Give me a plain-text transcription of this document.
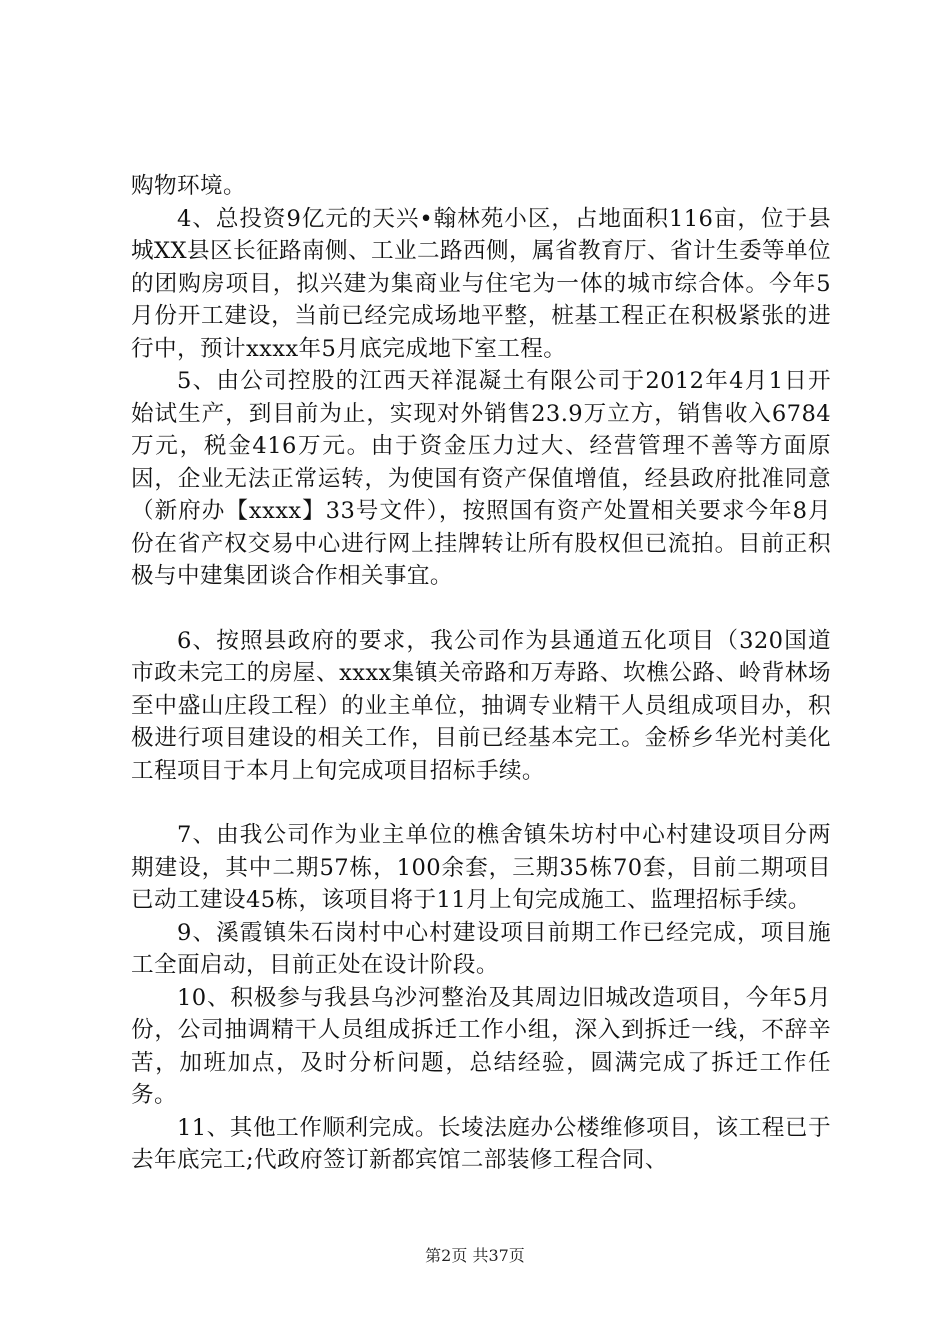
购物环境。

4、总投资9亿元的天兴•翰林苑小区，占地面积116亩，位于县城XX县区长征路南侧、工业二路西侧，属省教育厅、省计生委等单位的团购房项目，拟兴建为集商业与住宅为一体的城市综合体。今年5月份开工建设，当前已经完成场地平整，桩基工程正在积极紧张的进行中，预计xxxx年5月底完成地下室工程。

5、由公司控股的江西天祥混凝土有限公司于2012年4月1日开始试生产，到目前为止，实现对外销售23.9万立方，销售收入6784万元，税金416万元。由于资金压力过大、经营管理不善等方面原因，企业无法正常运转，为使国有资产保值增值，经县政府批准同意（新府办【xxxx】33号文件），按照国有资产处置相关要求今年8月份在省产权交易中心进行网上挂牌转让所有股权但已流拍。目前正积极与中建集团谈合作相关事宜。

6、按照县政府的要求，我公司作为县通道五化项目（320国道市政未完工的房屋、xxxx集镇关帝路和万寿路、坎樵公路、岭背林场至中盛山庄段工程）的业主单位，抽调专业精干人员组成项目办，积极进行项目建设的相关工作，目前已经基本完工。金桥乡华光村美化工程项目于本月上旬完成项目招标手续。

7、由我公司作为业主单位的樵舍镇朱坊村中心村建设项目分两期建设，其中二期57栋，100余套，三期35栋70套，目前二期项目已动工建设45栋，该项目将于11月上旬完成施工、监理招标手续。

9、溪霞镇朱石岗村中心村建设项目前期工作已经完成，项目施工全面启动，目前正处在设计阶段。

10、积极参与我县乌沙河整治及其周边旧城改造项目，今年5月份，公司抽调精干人员组成拆迁工作小组，深入到拆迁一线，不辞辛苦，加班加点，及时分析问题，总结经验，圆满完成了拆迁工作任务。

11、其他工作顺利完成。长堎法庭办公楼维修项目，该工程已于去年底完工;代政府签订新都宾馆二部装修工程合同、

第2页 共37页
